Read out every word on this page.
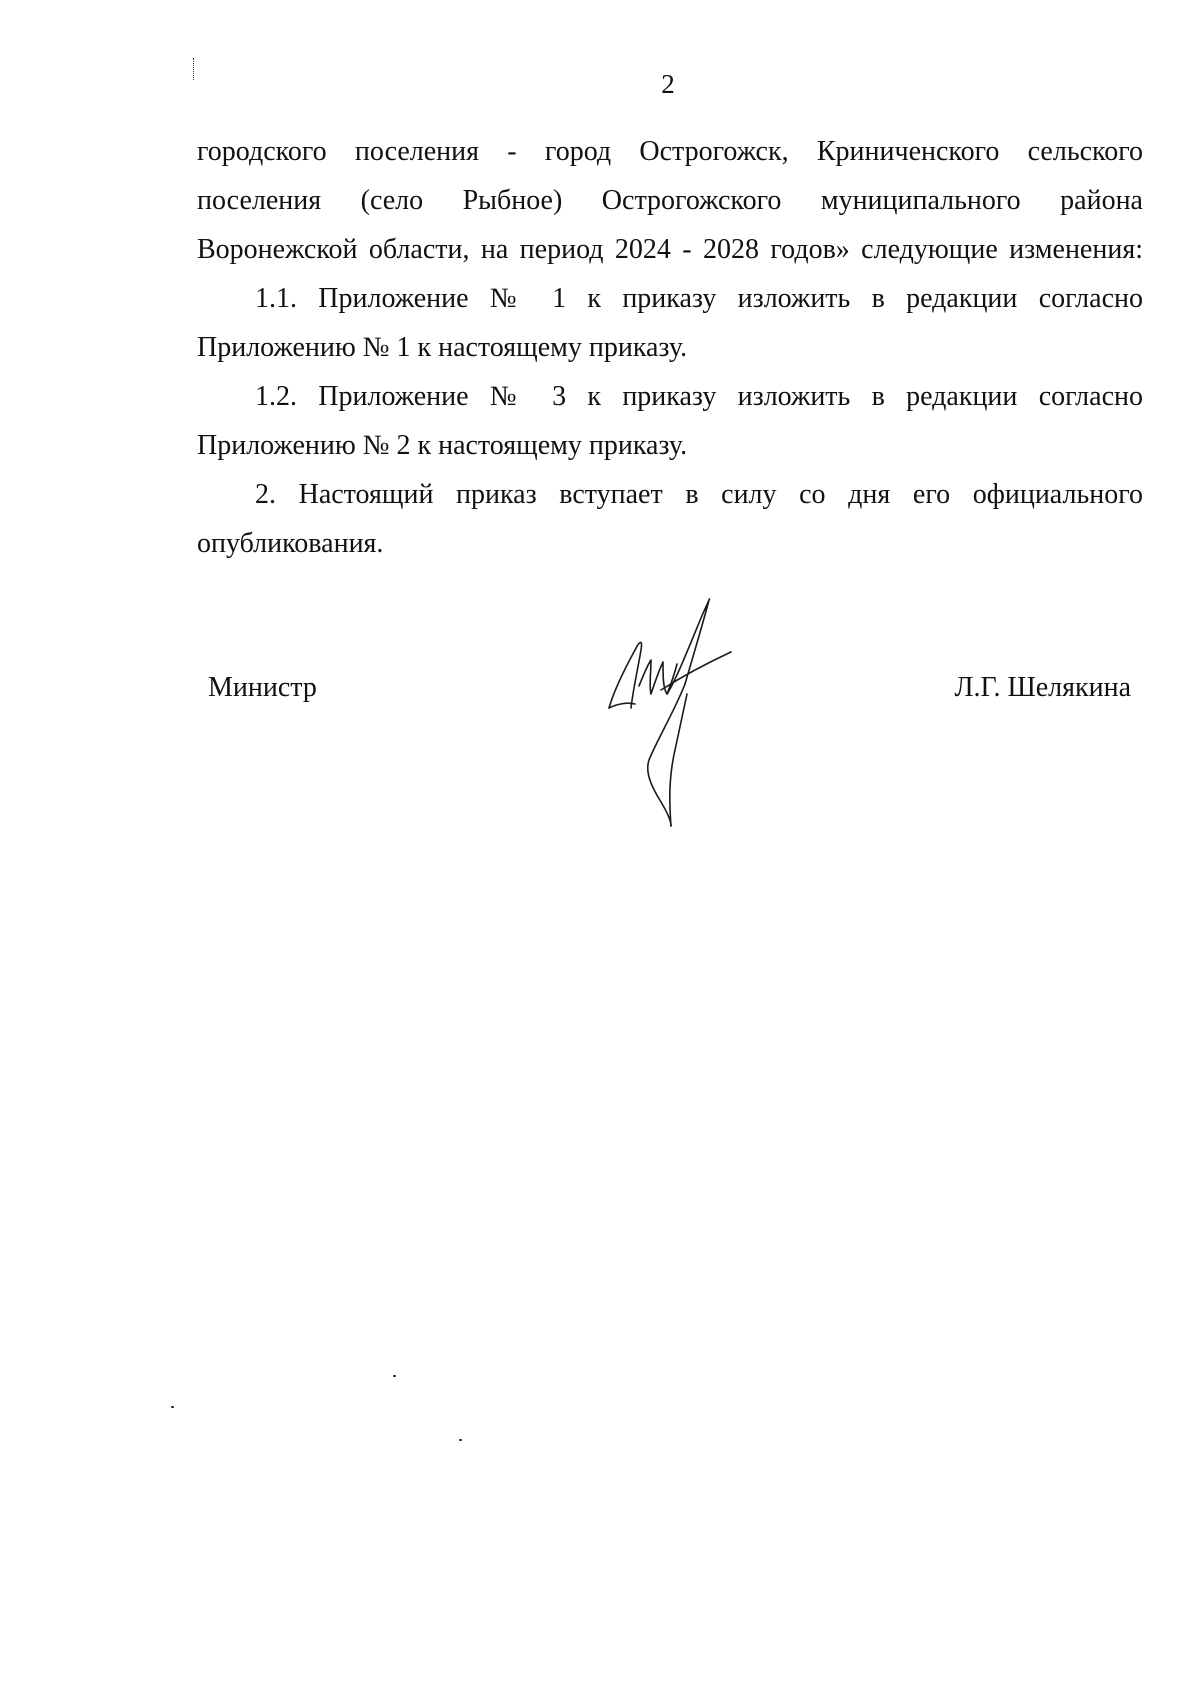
2

городского поселения - город Острогожск, Криниченского сельского
поселения (село Рыбное) Острогожского муниципального района
Воронежской области, на период 2024 - 2028 годов» следующие изменения:

1.1. Приложение № 1 к приказу изложить в редакции согласно
Приложению № 1 к настоящему приказу.

1.2. Приложение № 3 к приказу изложить в редакции согласно
Приложению № 2 к настоящему приказу.

2. Настоящий приказ вступает в силу со дня его официального
опубликования.

Министр	Л.Г. Шелякина
